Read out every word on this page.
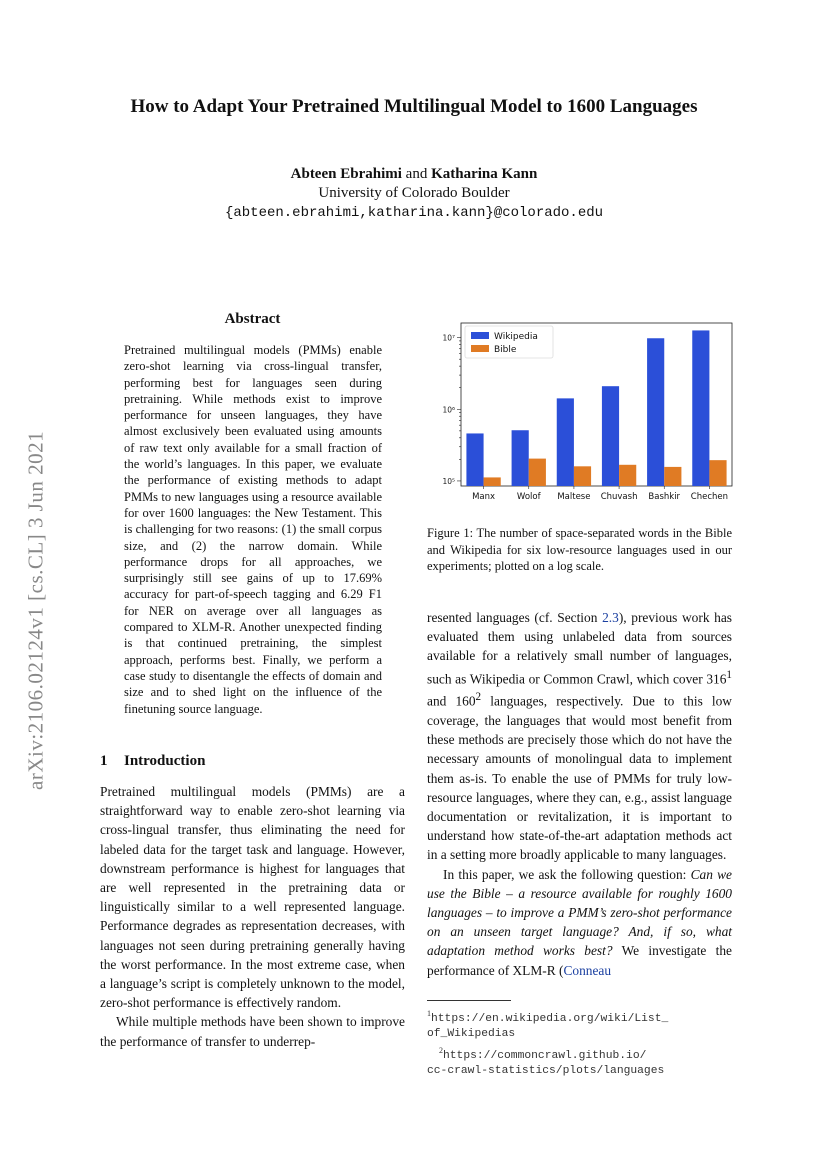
arXiv:2106.02124v1 [cs.CL] 3 Jun 2021
How to Adapt Your Pretrained Multilingual Model to 1600 Languages
Abteen Ebrahimi and Katharina Kann
University of Colorado Boulder
{abteen.ebrahimi,katharina.kann}@colorado.edu
Abstract
Pretrained multilingual models (PMMs) enable zero-shot learning via cross-lingual transfer, performing best for languages seen during pretraining. While methods exist to improve performance for unseen languages, they have almost exclusively been evaluated using amounts of raw text only available for a small fraction of the world’s languages. In this paper, we evaluate the performance of existing methods to adapt PMMs to new languages using a resource available for over 1600 languages: the New Testament. This is challenging for two reasons: (1) the small corpus size, and (2) the narrow domain. While performance drops for all approaches, we surprisingly still see gains of up to 17.69% accuracy for part-of-speech tagging and 6.29 F1 for NER on average over all languages as compared to XLM-R. Another unexpected finding is that continued pretraining, the simplest approach, performs best. Finally, we perform a case study to disentangle the effects of domain and size and to shed light on the influence of the finetuning source language.
1 Introduction

Pretrained multilingual models (PMMs) are a straightforward way to enable zero-shot learning via cross-lingual transfer, thus eliminating the need for labeled data for the target task and language. However, downstream performance is highest for languages that are well represented in the pretraining data or linguistically similar to a well represented language. Performance degrades as representation decreases, with languages not seen during pretraining generally having the worst performance. In the most extreme case, when a language’s script is completely unknown to the model, zero-shot performance is effectively random.

While multiple methods have been shown to improve the performance of transfer to underrep-

10⁵
10⁶
10⁷
Manx	Wolof Maltese Chuvash Bashkir Chechen
Wikipedia
Bible
Figure 1: The number of space-separated words in the Bible and Wikipedia for six low-resource languages used in our experiments; plotted on a log scale.

resented languages (cf. Section 2.3), previous work has evaluated them using unlabeled data from sources available for a relatively small number of languages, such as Wikipedia or Common Crawl, which cover $316^1$ and $160^2$ languages, respectively. Due to this low coverage, the languages that would most benefit from these methods are precisely those which do not have the necessary amounts of monolingual data to implement them as-is. To enable the use of PMMs for truly low-resource languages, where they can, e.g., assist language documentation or revitalization, it is important to understand how state-of-the-art adaptation methods act in a setting more broadly applicable to many languages.

In this paper, we ask the following question: Can we use the Bible – a resource available for roughly 1600 languages – to improve a PMM’s zero-shot performance on an unseen target language? And, if so, what adaptation method works best? We investigate the performance of XLM-R (Conneau

$^1$https://en.wikipedia.org/wiki/List_
of_Wikipedias
$^2$https://commoncrawl.github.io/
cc-crawl-statistics/plots/languages
